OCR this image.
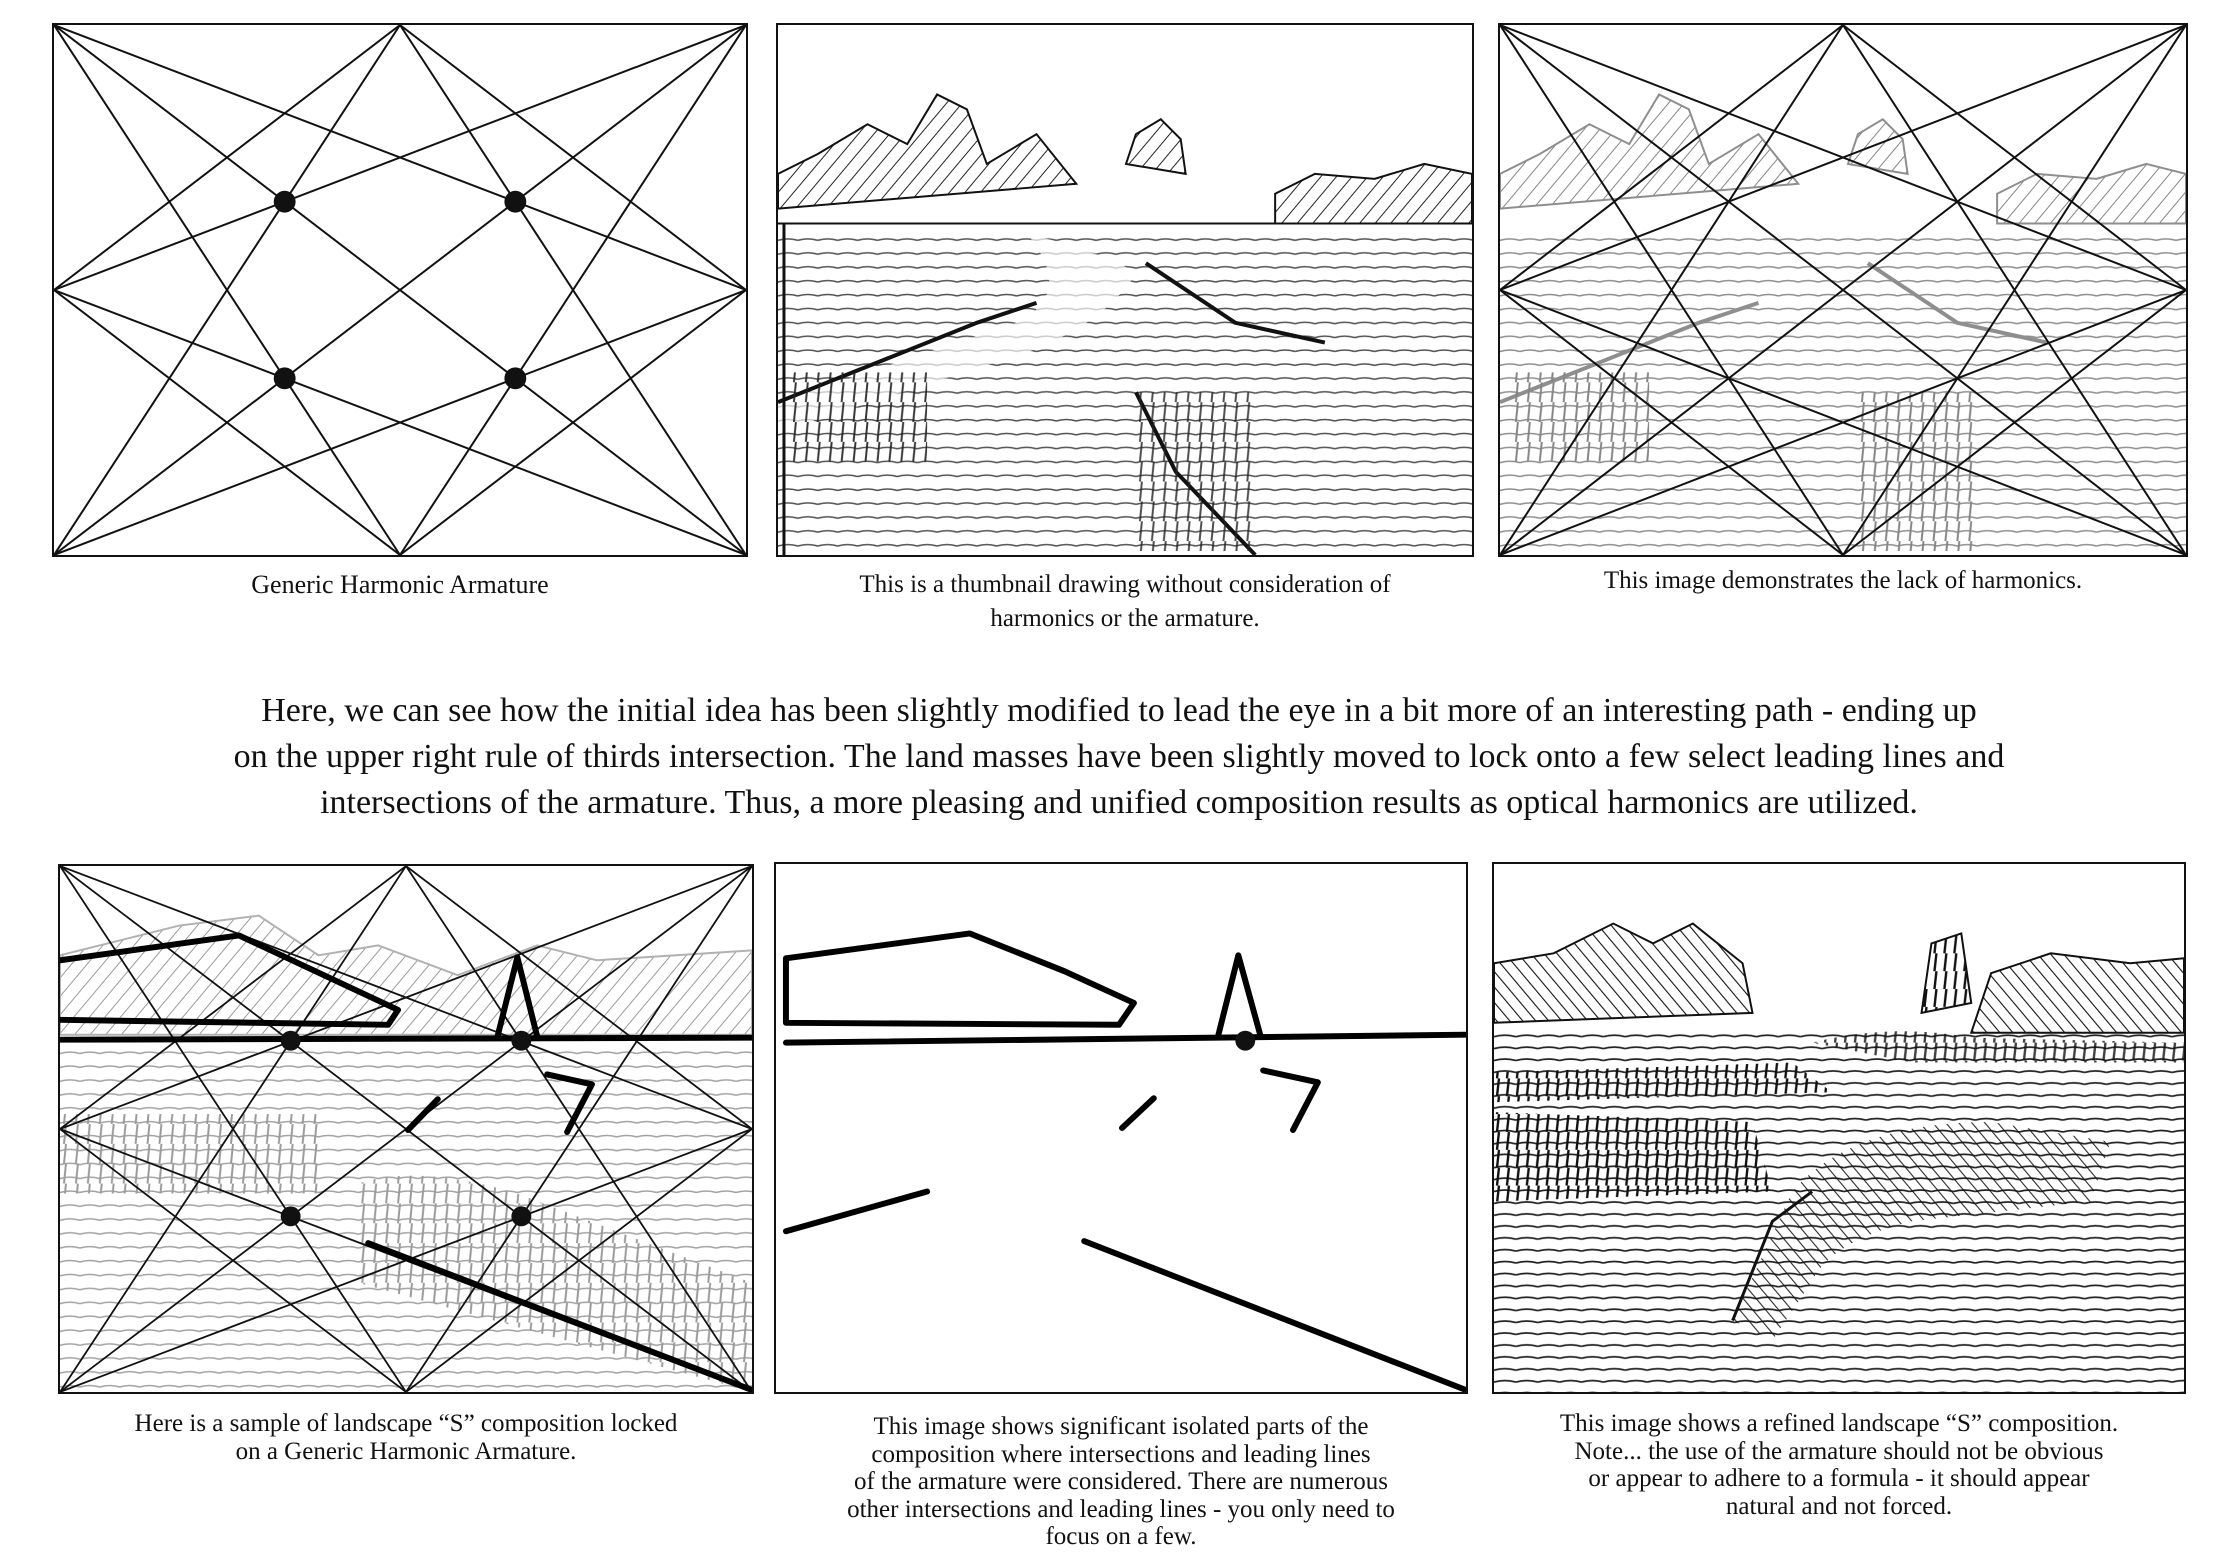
Generic Harmonic Armature	This is a thumbnail drawing without consideration of
harmonics or the armature.
This image demonstrates the lack of harmonics.
Here, we can see how the initial idea has been slightly modified to lead the eye in a bit more of an interesting path - ending up
on the upper right rule of thirds intersection. The land masses have been slightly moved to lock onto a few select leading lines and
intersections of the armature. Thus, a more pleasing and unified composition results as optical harmonics are utilized.
Here is a sample of landscape “S” composition locked
on a Generic Harmonic Armature.
This image shows significant isolated parts of the
composition where intersections and leading lines
of the armature were considered. There are numerous
other intersections and leading lines - you only need to
focus on a few.
This image shows a refined landscape “S” composition.
Note... the use of the armature should not be obvious
or appear to adhere to a formula - it should appear
natural and not forced.
